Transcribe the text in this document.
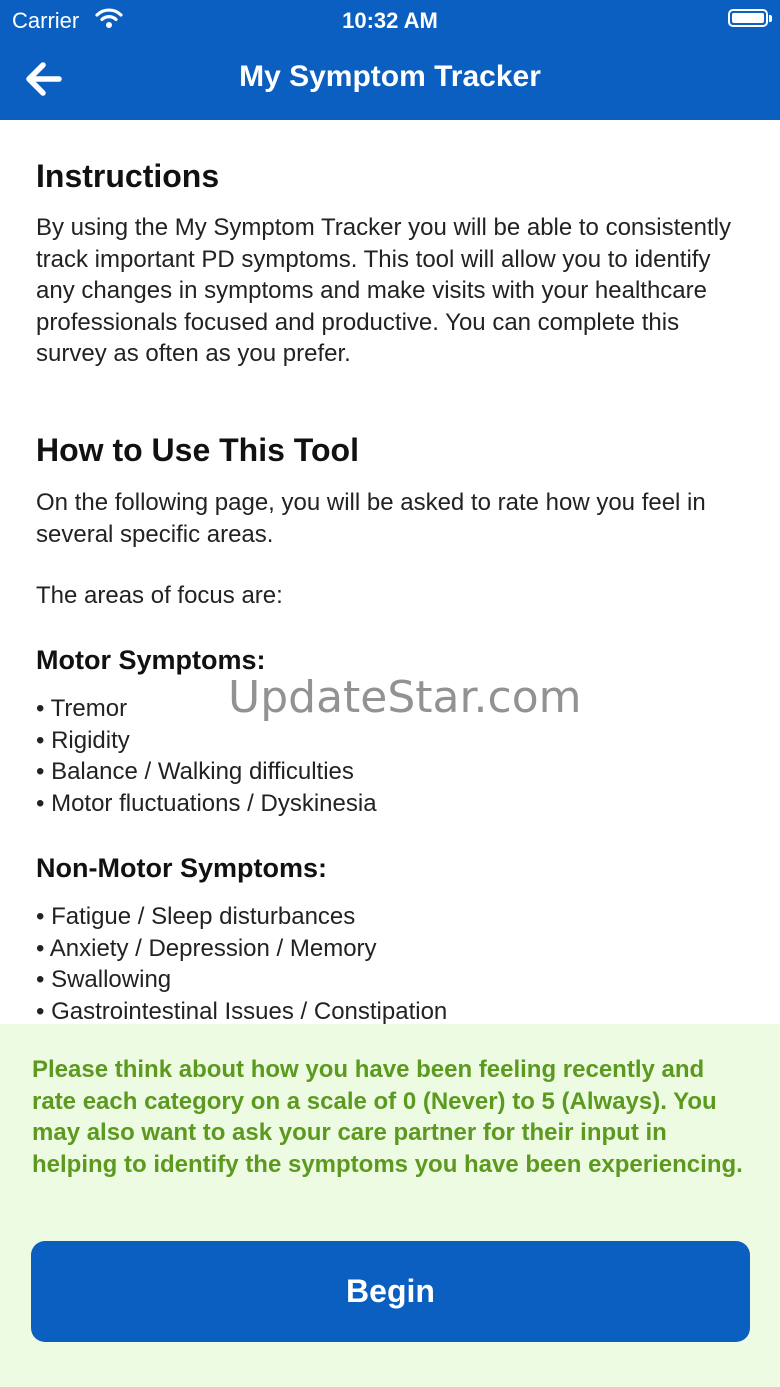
Carrier	10:32 AM
My Symptom Tracker
Instructions

By using the My Symptom Tracker you will be able to consistently track important PD symptoms. This tool will allow you to identify any changes in symptoms and make visits with your healthcare professionals focused and productive. You can complete this survey as often as you prefer.

How to Use This Tool

On the following page, you will be asked to rate how you feel in several specific areas.

The areas of focus are:

Motor Symptoms:
• Tremor
• Rigidity
• Balance / Walking difficulties
• Motor fluctuations / Dyskinesia
Non-Motor Symptoms:
• Fatigue / Sleep disturbances
• Anxiety / Depression / Memory
• Swallowing
• Gastrointestinal Issues / Constipation
UpdateStar.com

Please think about how you have been feeling recently and rate each category on a scale of 0 (Never) to 5 (Always). You may also want to ask your care partner for their input in helping to identify the symptoms you have been experiencing.

Begin
